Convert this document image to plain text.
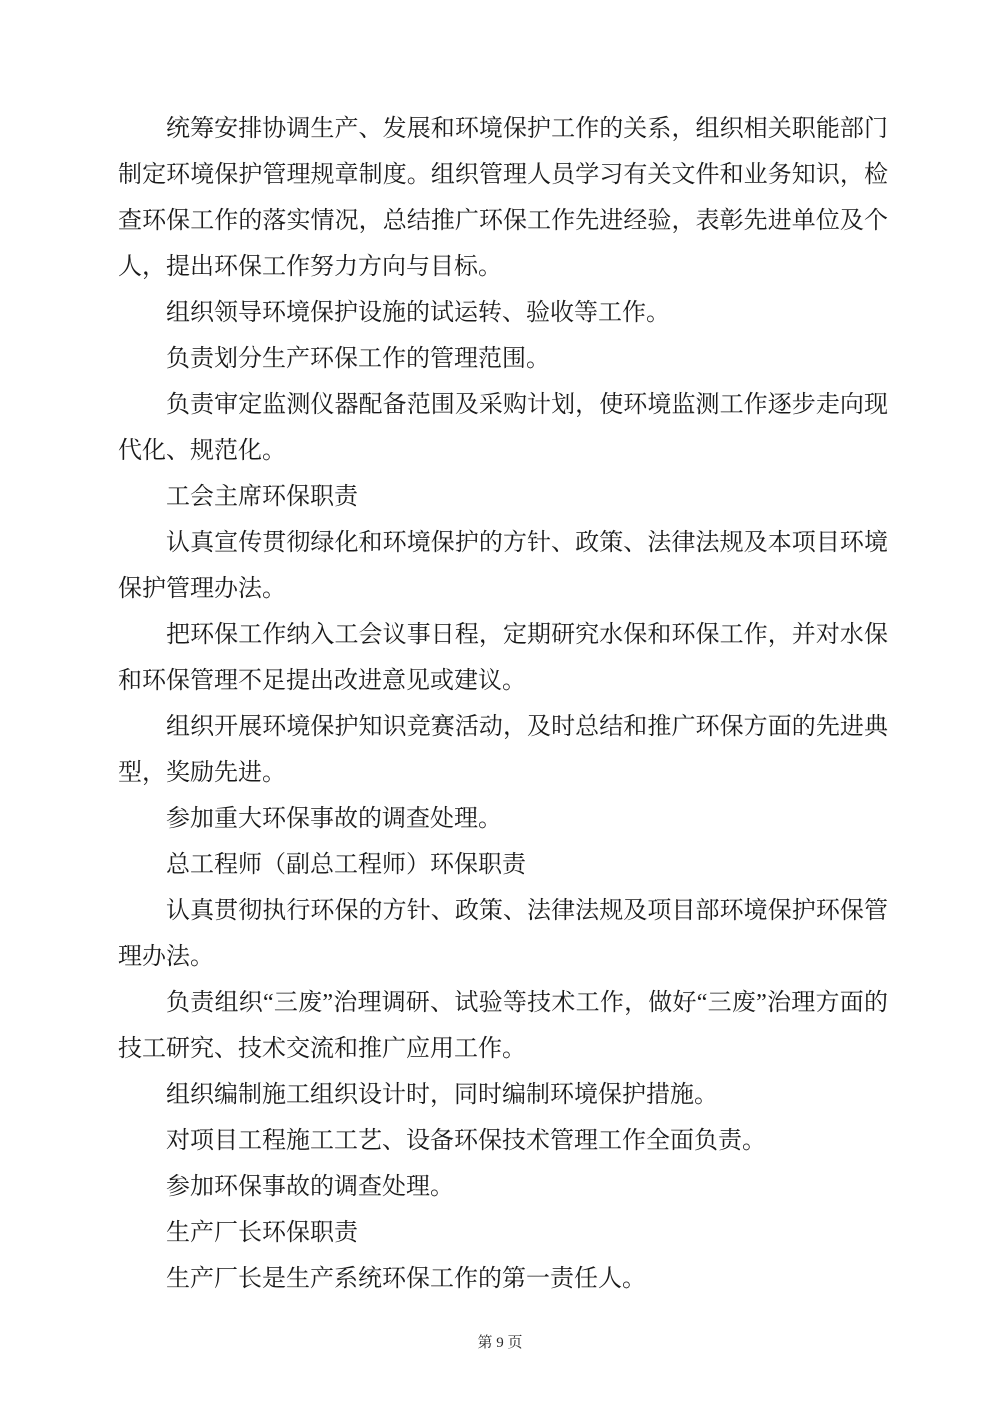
统筹安排协调生产、发展和环境保护工作的关系，组织相关职能部门制定环境保护管理规章制度。组织管理人员学习有关文件和业务知识，检查环保工作的落实情况，总结推广环保工作先进经验，表彰先进单位及个人，提出环保工作努力方向与目标。

组织领导环境保护设施的试运转、验收等工作。

负责划分生产环保工作的管理范围。

负责审定监测仪器配备范围及采购计划，使环境监测工作逐步走向现代化、规范化。

工会主席环保职责

认真宣传贯彻绿化和环境保护的方针、政策、法律法规及本项目环境保护管理办法。

把环保工作纳入工会议事日程，定期研究水保和环保工作，并对水保和环保管理不足提出改进意见或建议。

组织开展环境保护知识竞赛活动，及时总结和推广环保方面的先进典型，奖励先进。

参加重大环保事故的调查处理。

总工程师（副总工程师）环保职责

认真贯彻执行环保的方针、政策、法律法规及项目部环境保护环保管理办法。

负责组织“三废”治理调研、试验等技术工作，做好“三废”治理方面的技工研究、技术交流和推广应用工作。

组织编制施工组织设计时，同时编制环境保护措施。

对项目工程施工工艺、设备环保技术管理工作全面负责。

参加环保事故的调查处理。

生产厂长环保职责

生产厂长是生产系统环保工作的第一责任人。

第 9 页
